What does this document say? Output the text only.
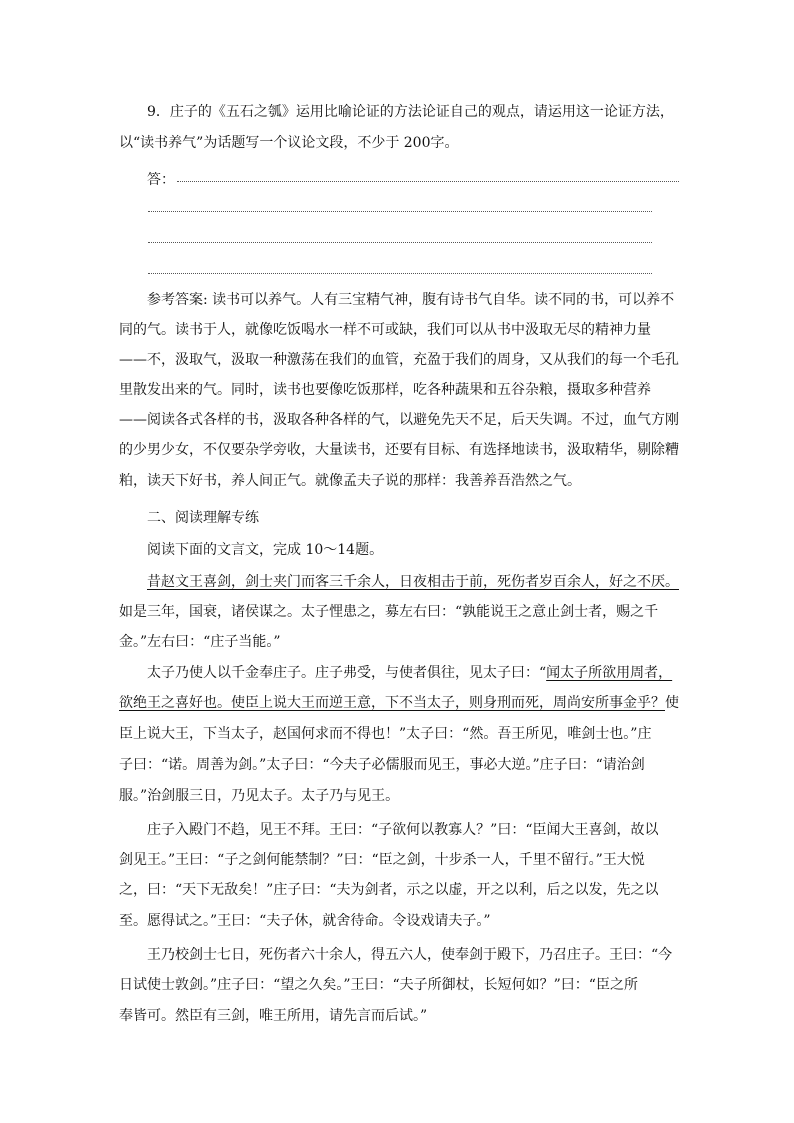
9．庄子的《五石之瓠》运用比喻论证的方法论证自己的观点，请运用这一论证方法，
以“读书养气”为话题写一个议论文段，不少于 200字。
答：
参考答案: 读书可以养气。人有三宝精气神，腹有诗书气自华。读不同的书，可以养不
同的气。读书于人，就像吃饭喝水一样不可或缺，我们可以从书中汲取无尽的精神力量
——不，汲取气，汲取一种激荡在我们的血管，充盈于我们的周身，又从我们的每一个毛孔
里散发出来的气。同时，读书也要像吃饭那样，吃各种蔬果和五谷杂粮，摄取多种营养
——阅读各式各样的书，汲取各种各样的气，以避免先天不足，后天失调。不过，血气方刚
的少男少女，不仅要杂学旁收，大量读书，还要有目标、有选择地读书，汲取精华，剔除糟
粕，读天下好书，养人间正气。就像孟夫子说的那样：我善养吾浩然之气。
二、阅读理解专练
阅读下面的文言文，完成 10～14题。
昔赵文王喜剑，剑士夹门而客三千余人，日夜相击于前，死伤者岁百余人，好之不厌。
如是三年，国衰，诸侯谋之。太子悝患之，募左右曰：“孰能说王之意止剑士者，赐之千
金。”左右曰：“庄子当能。”
太子乃使人以千金奉庄子。庄子弗受，与使者俱往，见太子曰：“闻太子所欲用周者，
欲绝王之喜好也。使臣上说大王而逆王意，下不当太子，则身刑而死，周尚安所事金乎？使
臣上说大王，下当太子，赵国何求而不得也！”太子曰：“然。吾王所见，唯剑士也。”庄
子曰：“诺。周善为剑。”太子曰：“今夫子必儒服而见王，事必大逆。”庄子曰：“请治剑
服。”治剑服三日，乃见太子。太子乃与见王。
庄子入殿门不趋，见王不拜。王曰：“子欲何以教寡人？”曰：“臣闻大王喜剑，故以
剑见王。”王曰：“子之剑何能禁制？”曰：“臣之剑，十步杀一人，千里不留行。”王大悦
之，曰：“天下无敌矣！”庄子曰：“夫为剑者，示之以虚，开之以利，后之以发，先之以
至。愿得试之。”王曰：“夫子休，就舍待命。令设戏请夫子。”
王乃校剑士七日，死伤者六十余人，得五六人，使奉剑于殿下，乃召庄子。王曰：“今
日试使士敦剑。”庄子曰：“望之久矣。”王曰：“夫子所御杖，长短何如？”曰：“臣之所
奉皆可。然臣有三剑，唯王所用，请先言而后试。”
